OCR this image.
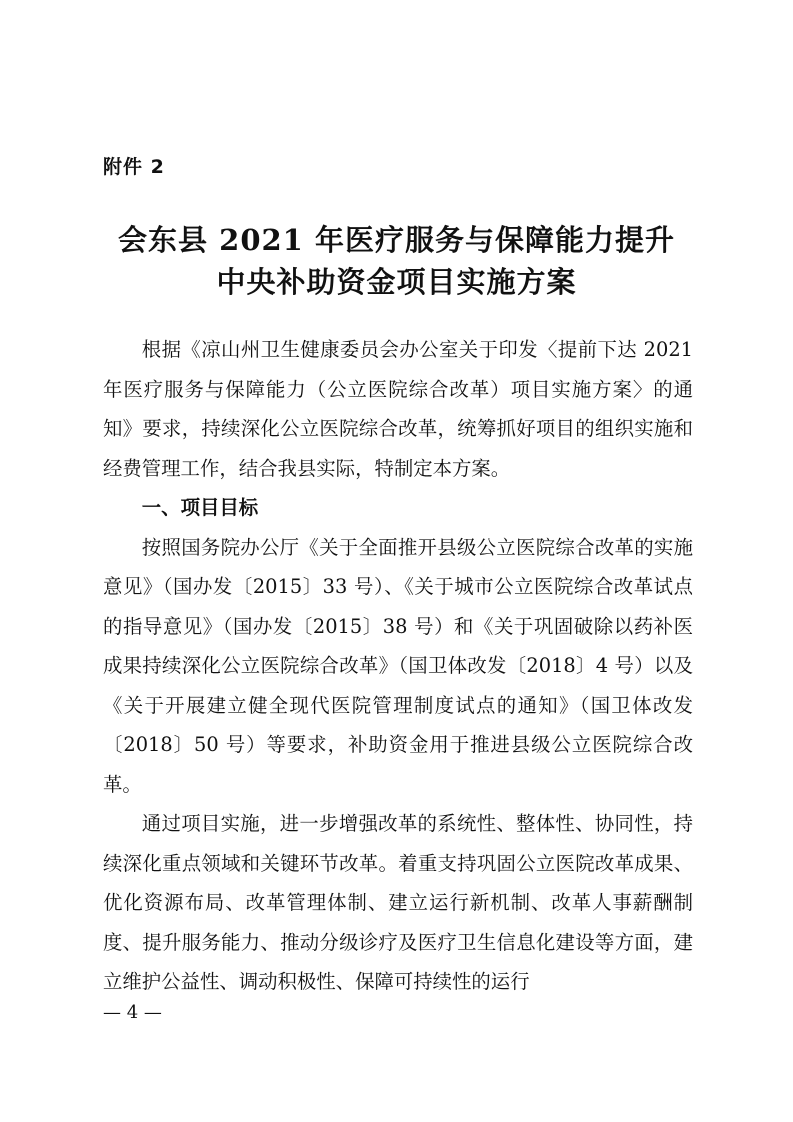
附件 2
会东县 2021 年医疗服务与保障能力提升
中央补助资金项目实施方案

根据《凉山州卫生健康委员会办公室关于印发〈提前下达 2021 年医疗服务与保障能力（公立医院综合改革）项目实施方案〉的通知》要求，持续深化公立医院综合改革，统筹抓好项目的组织实施和经费管理工作，结合我县实际，特制定本方案。

一、项目目标

按照国务院办公厅《关于全面推开县级公立医院综合改革的实施意见》（国办发〔2015〕33 号）、《关于城市公立医院综合改革试点的指导意见》（国办发〔2015〕38 号）和《关于巩固破除以药补医成果持续深化公立医院综合改革》（国卫体改发〔2018〕4 号）以及《关于开展建立健全现代医院管理制度试点的通知》（国卫体改发〔2018〕50 号）等要求，补助资金用于推进县级公立医院综合改革。

通过项目实施，进一步增强改革的系统性、整体性、协同性，持续深化重点领域和关键环节改革。着重支持巩固公立医院改革成果、优化资源布局、改革管理体制、建立运行新机制、改革人事薪酬制度、提升服务能力、推动分级诊疗及医疗卫生信息化建设等方面，建立维护公益性、调动积极性、保障可持续性的运行

— 4 —
